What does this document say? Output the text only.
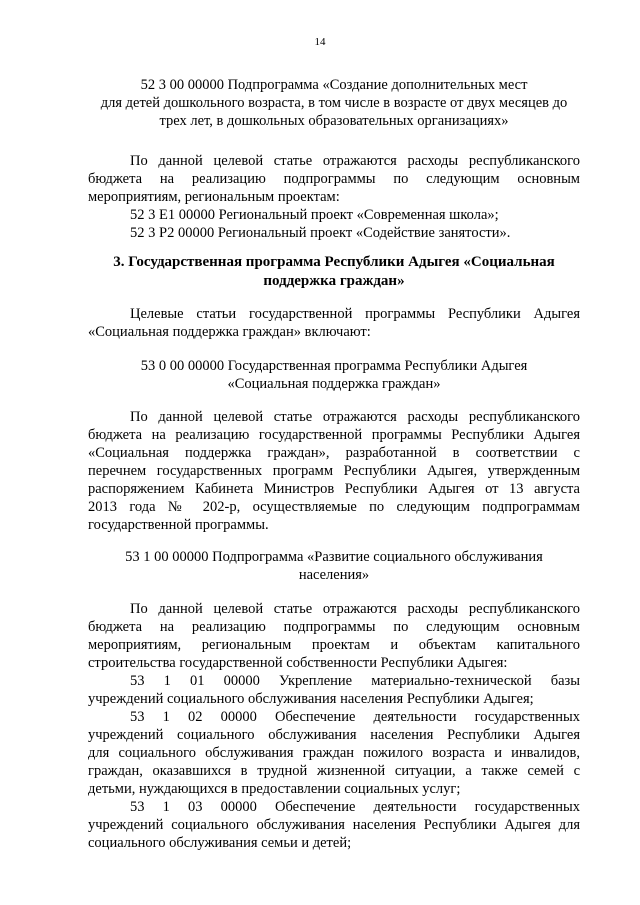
14
52 3 00 00000 Подпрограмма «Создание дополнительных мест
для детей дошкольного возраста, в том числе в возрасте от двух месяцев до
трех лет, в дошкольных образовательных организациях»
По данной целевой статье отражаются расходы республиканского
бюджета на реализацию подпрограммы по следующим основным
мероприятиям, региональным проектам:
52 3 E1 00000 Региональный проект «Современная школа»;
52 3 P2 00000 Региональный проект «Содействие занятости».
3. Государственная программа Республики Адыгея «Социальная
поддержка граждан»
Целевые статьи государственной программы Республики Адыгея
«Социальная поддержка граждан» включают:
53 0 00 00000 Государственная программа Республики Адыгея
«Социальная поддержка граждан»
По данной целевой статье отражаются расходы республиканского
бюджета на реализацию государственной программы Республики Адыгея
«Социальная поддержка граждан», разработанной в соответствии с
перечнем государственных программ Республики Адыгея, утвержденным
распоряжением Кабинета Министров Республики Адыгея от 13 августа
2013 года № 202-р, осуществляемые по следующим подпрограммам
государственной программы.
53 1 00 00000 Подпрограмма «Развитие социального обслуживания
населения»
По данной целевой статье отражаются расходы республиканского
бюджета на реализацию подпрограммы по следующим основным
мероприятиям, региональным проектам и объектам капитального
строительства государственной собственности Республики Адыгея:
53 1 01 00000 Укрепление материально-технической базы
учреждений социального обслуживания населения Республики Адыгея;
53 1 02 00000 Обеспечение деятельности государственных
учреждений социального обслуживания населения Республики Адыгея
для социального обслуживания граждан пожилого возраста и инвалидов,
граждан, оказавшихся в трудной жизненной ситуации, а также семей с
детьми, нуждающихся в предоставлении социальных услуг;
53 1 03 00000 Обеспечение деятельности государственных
учреждений социального обслуживания населения Республики Адыгея для
социального обслуживания семьи и детей;
